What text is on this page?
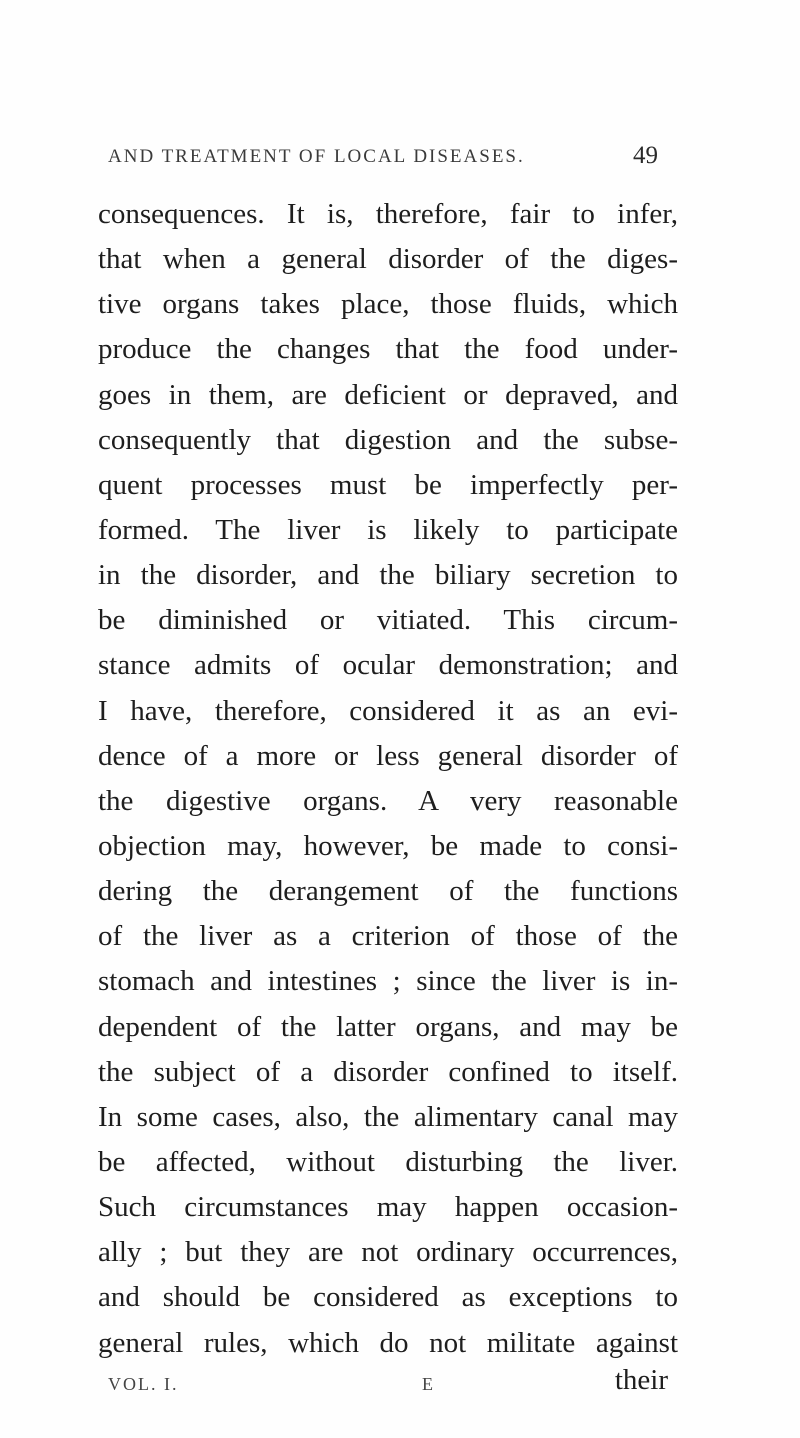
AND TREATMENT OF LOCAL DISEASES.	49
consequences. It is, therefore, fair to infer,
that when a general disorder of the diges-
tive organs takes place, those fluids, which
produce the changes that the food under-
goes in them, are deficient or depraved, and
consequently that digestion and the subse-
quent processes must be imperfectly per-
formed. The liver is likely to participate
in the disorder, and the biliary secretion to
be diminished or vitiated. This circum-
stance admits of ocular demonstration; and
I have, therefore, considered it as an evi-
dence of a more or less general disorder of
the digestive organs. A very reasonable
objection may, however, be made to consi-
dering the derangement of the functions
of the liver as a criterion of those of the
stomach and intestines ; since the liver is in-
dependent of the latter organs, and may be
the subject of a disorder confined to itself.
In some cases, also, the alimentary canal may
be affected, without disturbing the liver.
Such circumstances may happen occasion-
ally ; but they are not ordinary occurrences,
and should be considered as exceptions to
general rules, which do not militate against
VOL. I.	E	their
